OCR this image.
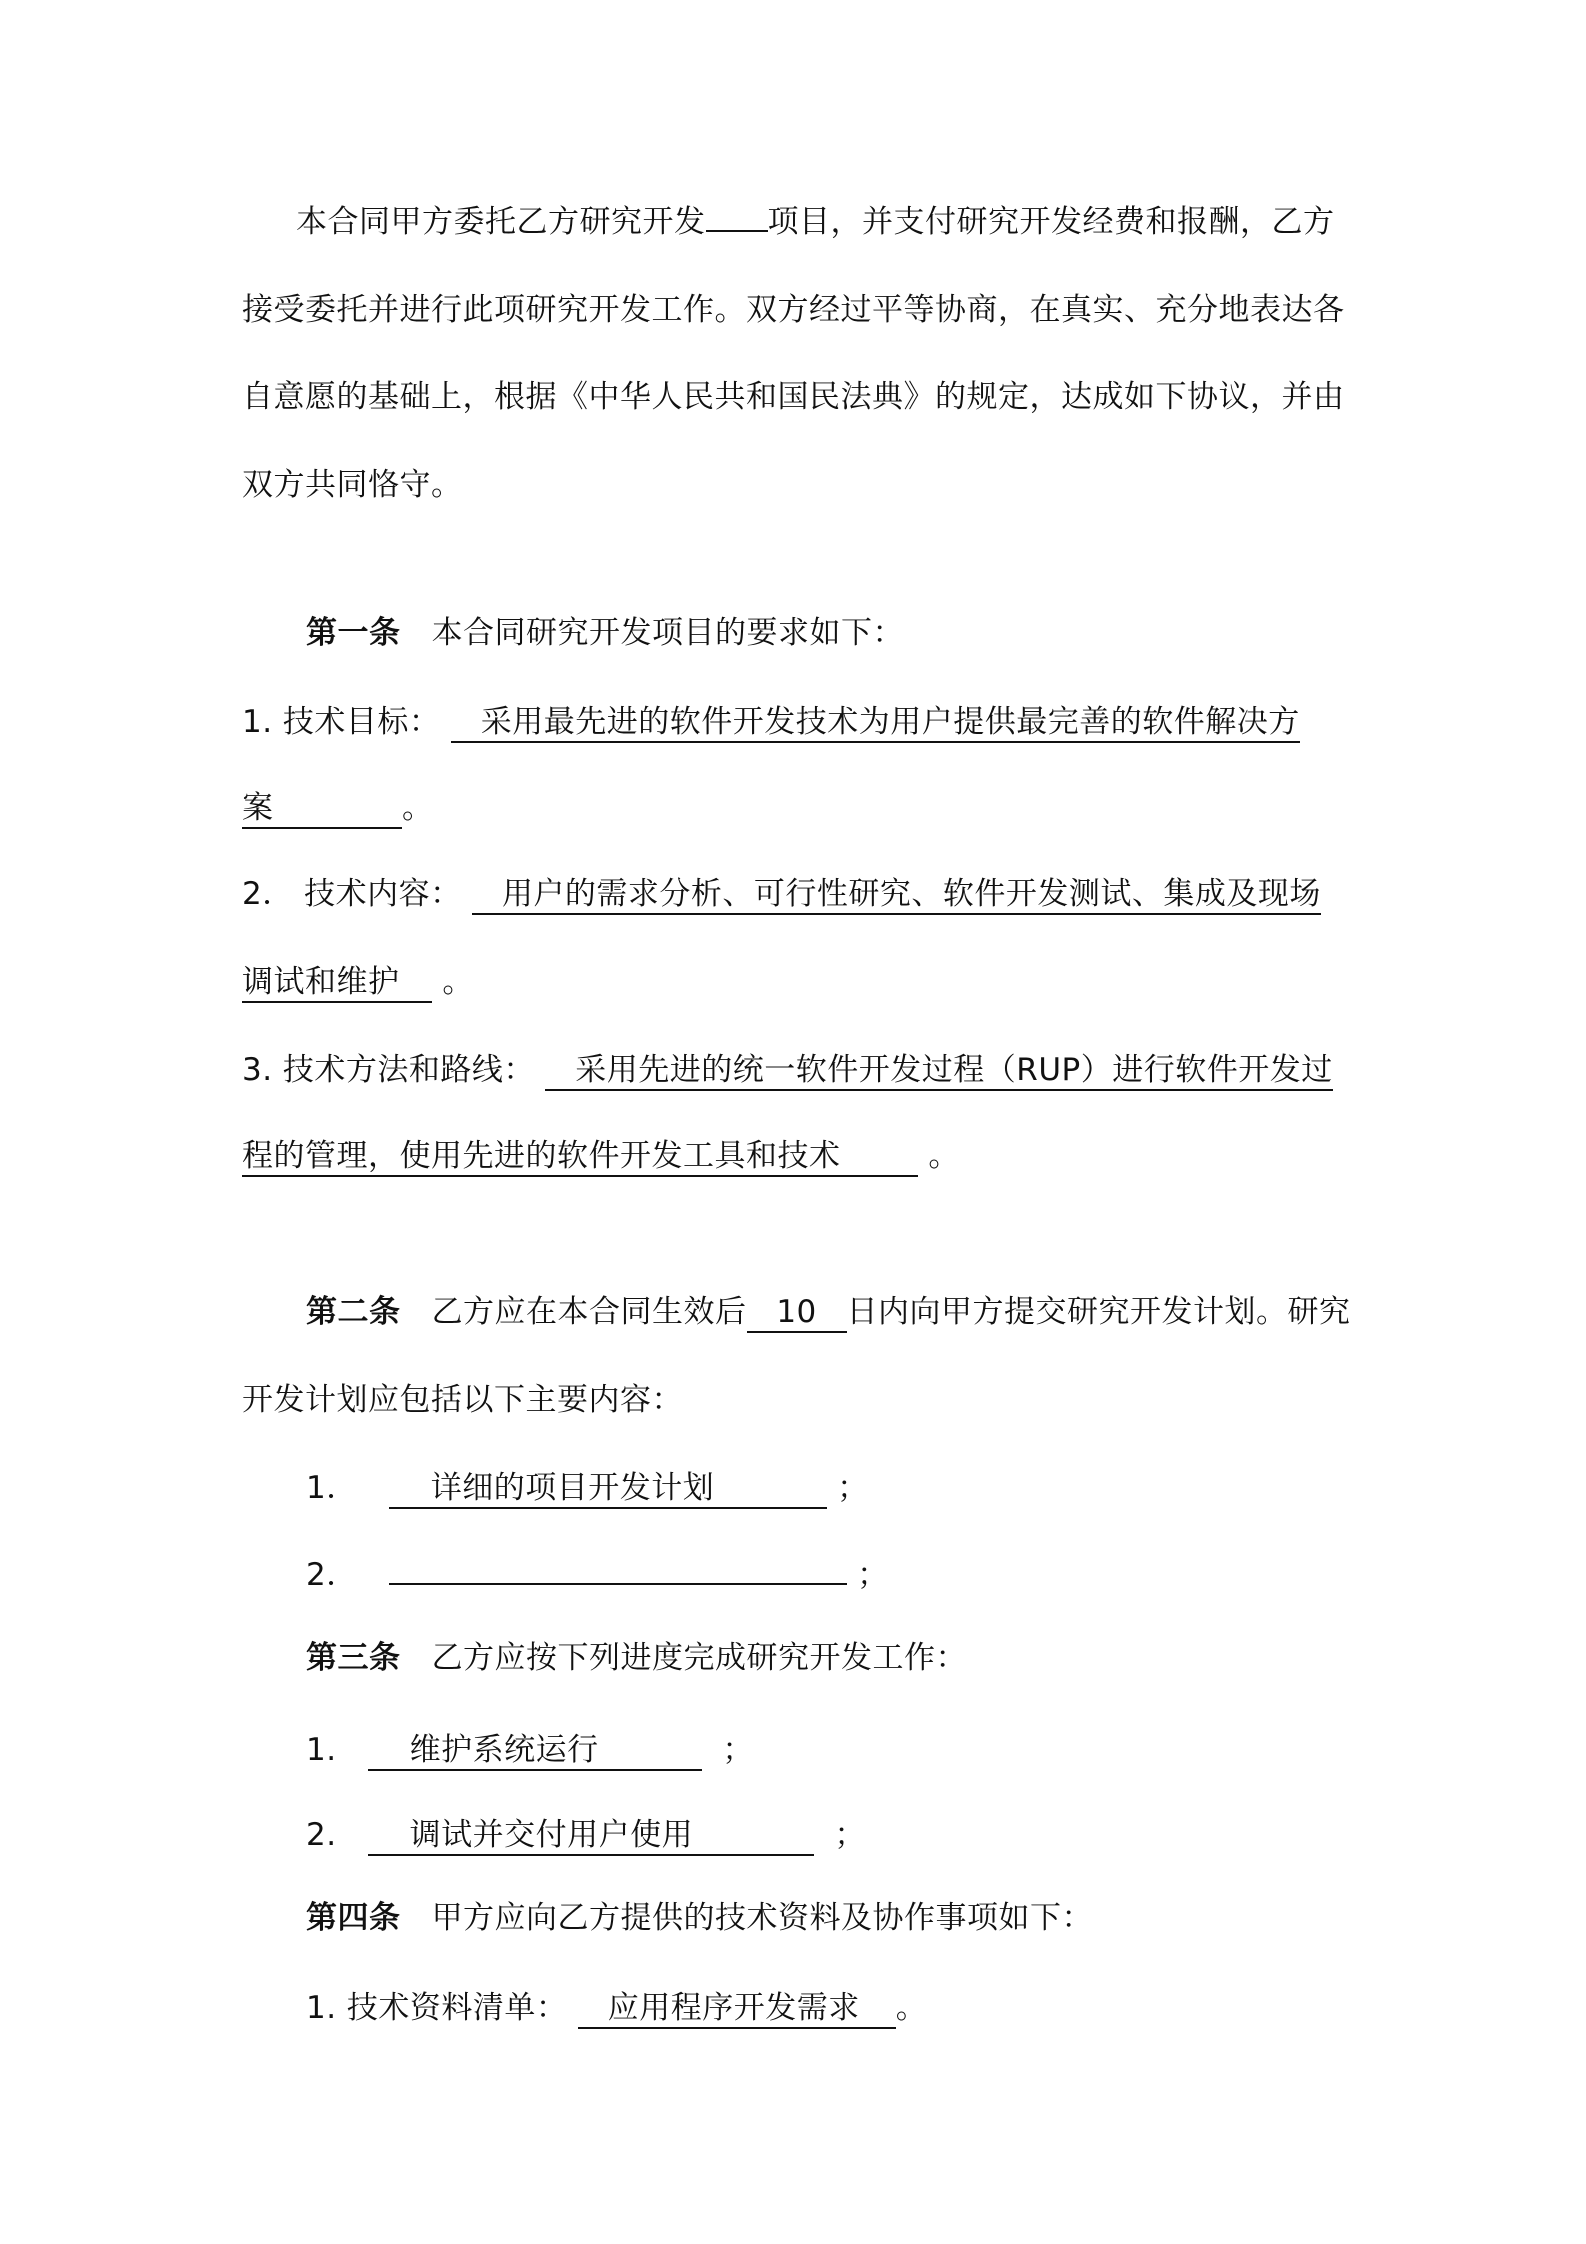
本合同甲方委托乙方研究开发 项目，并支付研究开发经费和报酬，乙方
接受委托并进行此项研究开发工作。双方经过平等协商，在真实、充分地表达各
自意愿的基础上，根据《中华人民共和国民法典》的规定，达成如下协议，并由
双方共同恪守。
第一条 本合同研究开发项目的要求如下：
1. 技术目标： 采用最先进的软件开发技术为用户提供最完善的软件解决方
案	。
2． 技术内容： 用户的需求分析、可行性研究、软件开发测试、集成及现场
调试和维护 。
3. 技术方法和路线： 采用先进的统一软件开发过程（RUP）进行软件开发过
程的管理，使用先进的软件开发工具和技术	。
第二条 乙方应在本合同生效后 10 日内向甲方提交研究开发计划。研究
开发计划应包括以下主要内容：
1． 详细的项目开发计划	；
2．	；
第三条 乙方应按下列进度完成研究开发工作：
1. 维护系统运行	；
2. 调试并交付用户使用	；
第四条 甲方应向乙方提供的技术资料及协作事项如下：
1. 技术资料清单： 应用程序开发需求 。
